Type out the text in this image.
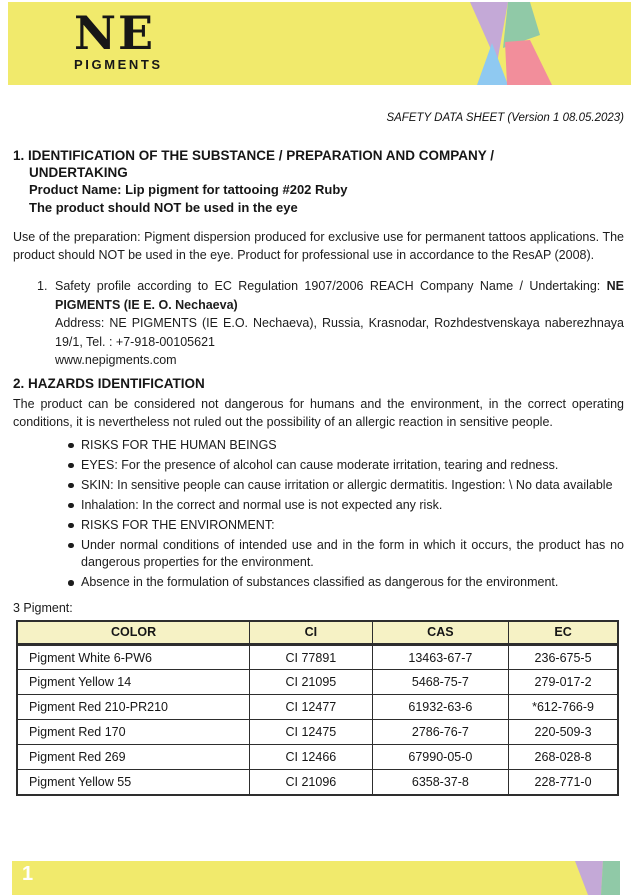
NE
PIGMENTS
SAFETY DATA SHEET (Version 1 08.05.2023)
1. IDENTIFICATION OF THE SUBSTANCE / PREPARATION AND COMPANY /
UNDERTAKING
Product Name: Lip pigment for tattooing #202 Ruby
The product should NOT be used in the eye
Use of the preparation: Pigment dispersion produced for exclusive use for permanent tattoos applications. The product should NOT be used in the eye. Product for professional use in accordance to the ResAP (2008).
1. Safety profile according to EC Regulation 1907/2006 REACH Company Name / Undertaking: NE PIGMENTS (IE E. O. Nechaeva)
Address: NE PIGMENTS (IE E.O. Nechaeva), Russia, Krasnodar, Rozhdestvenskaya naberezhnaya 19/1, Tel. : +7-918-00105621
www.nepigments.com
2. HAZARDS IDENTIFICATION
The product can be considered not dangerous for humans and the environment, in the correct operating conditions, it is nevertheless not ruled out the possibility of an allergic reaction in sensitive people.
RISKS FOR THE HUMAN BEINGS
EYES: For the presence of alcohol can cause moderate irritation, tearing and redness.
SKIN: In sensitive people can cause irritation or allergic dermatitis. Ingestion: \ No data available
Inhalation: In the correct and normal use is not expected any risk.
RISKS FOR THE ENVIRONMENT:
Under normal conditions of intended use and in the form in which it occurs, the product has no dangerous properties for the environment.
Absence in the formulation of substances classified as dangerous for the environment.
3 Pigment:
COLOR	CI	CAS	EC
Pigment White 6-PW6	CI 77891	13463-67-7	236-675-5
Pigment Yellow 14	CI 21095	5468-75-7	279-017-2
Pigment Red 210-PR210	CI 12477	61932-63-6	*612-766-9
Pigment Red 170	CI 12475	2786-76-7	220-509-3
Pigment Red 269	CI 12466	67990-05-0	268-028-8
Pigment Yellow 55	CI 21096	6358-37-8	228-771-0
1
